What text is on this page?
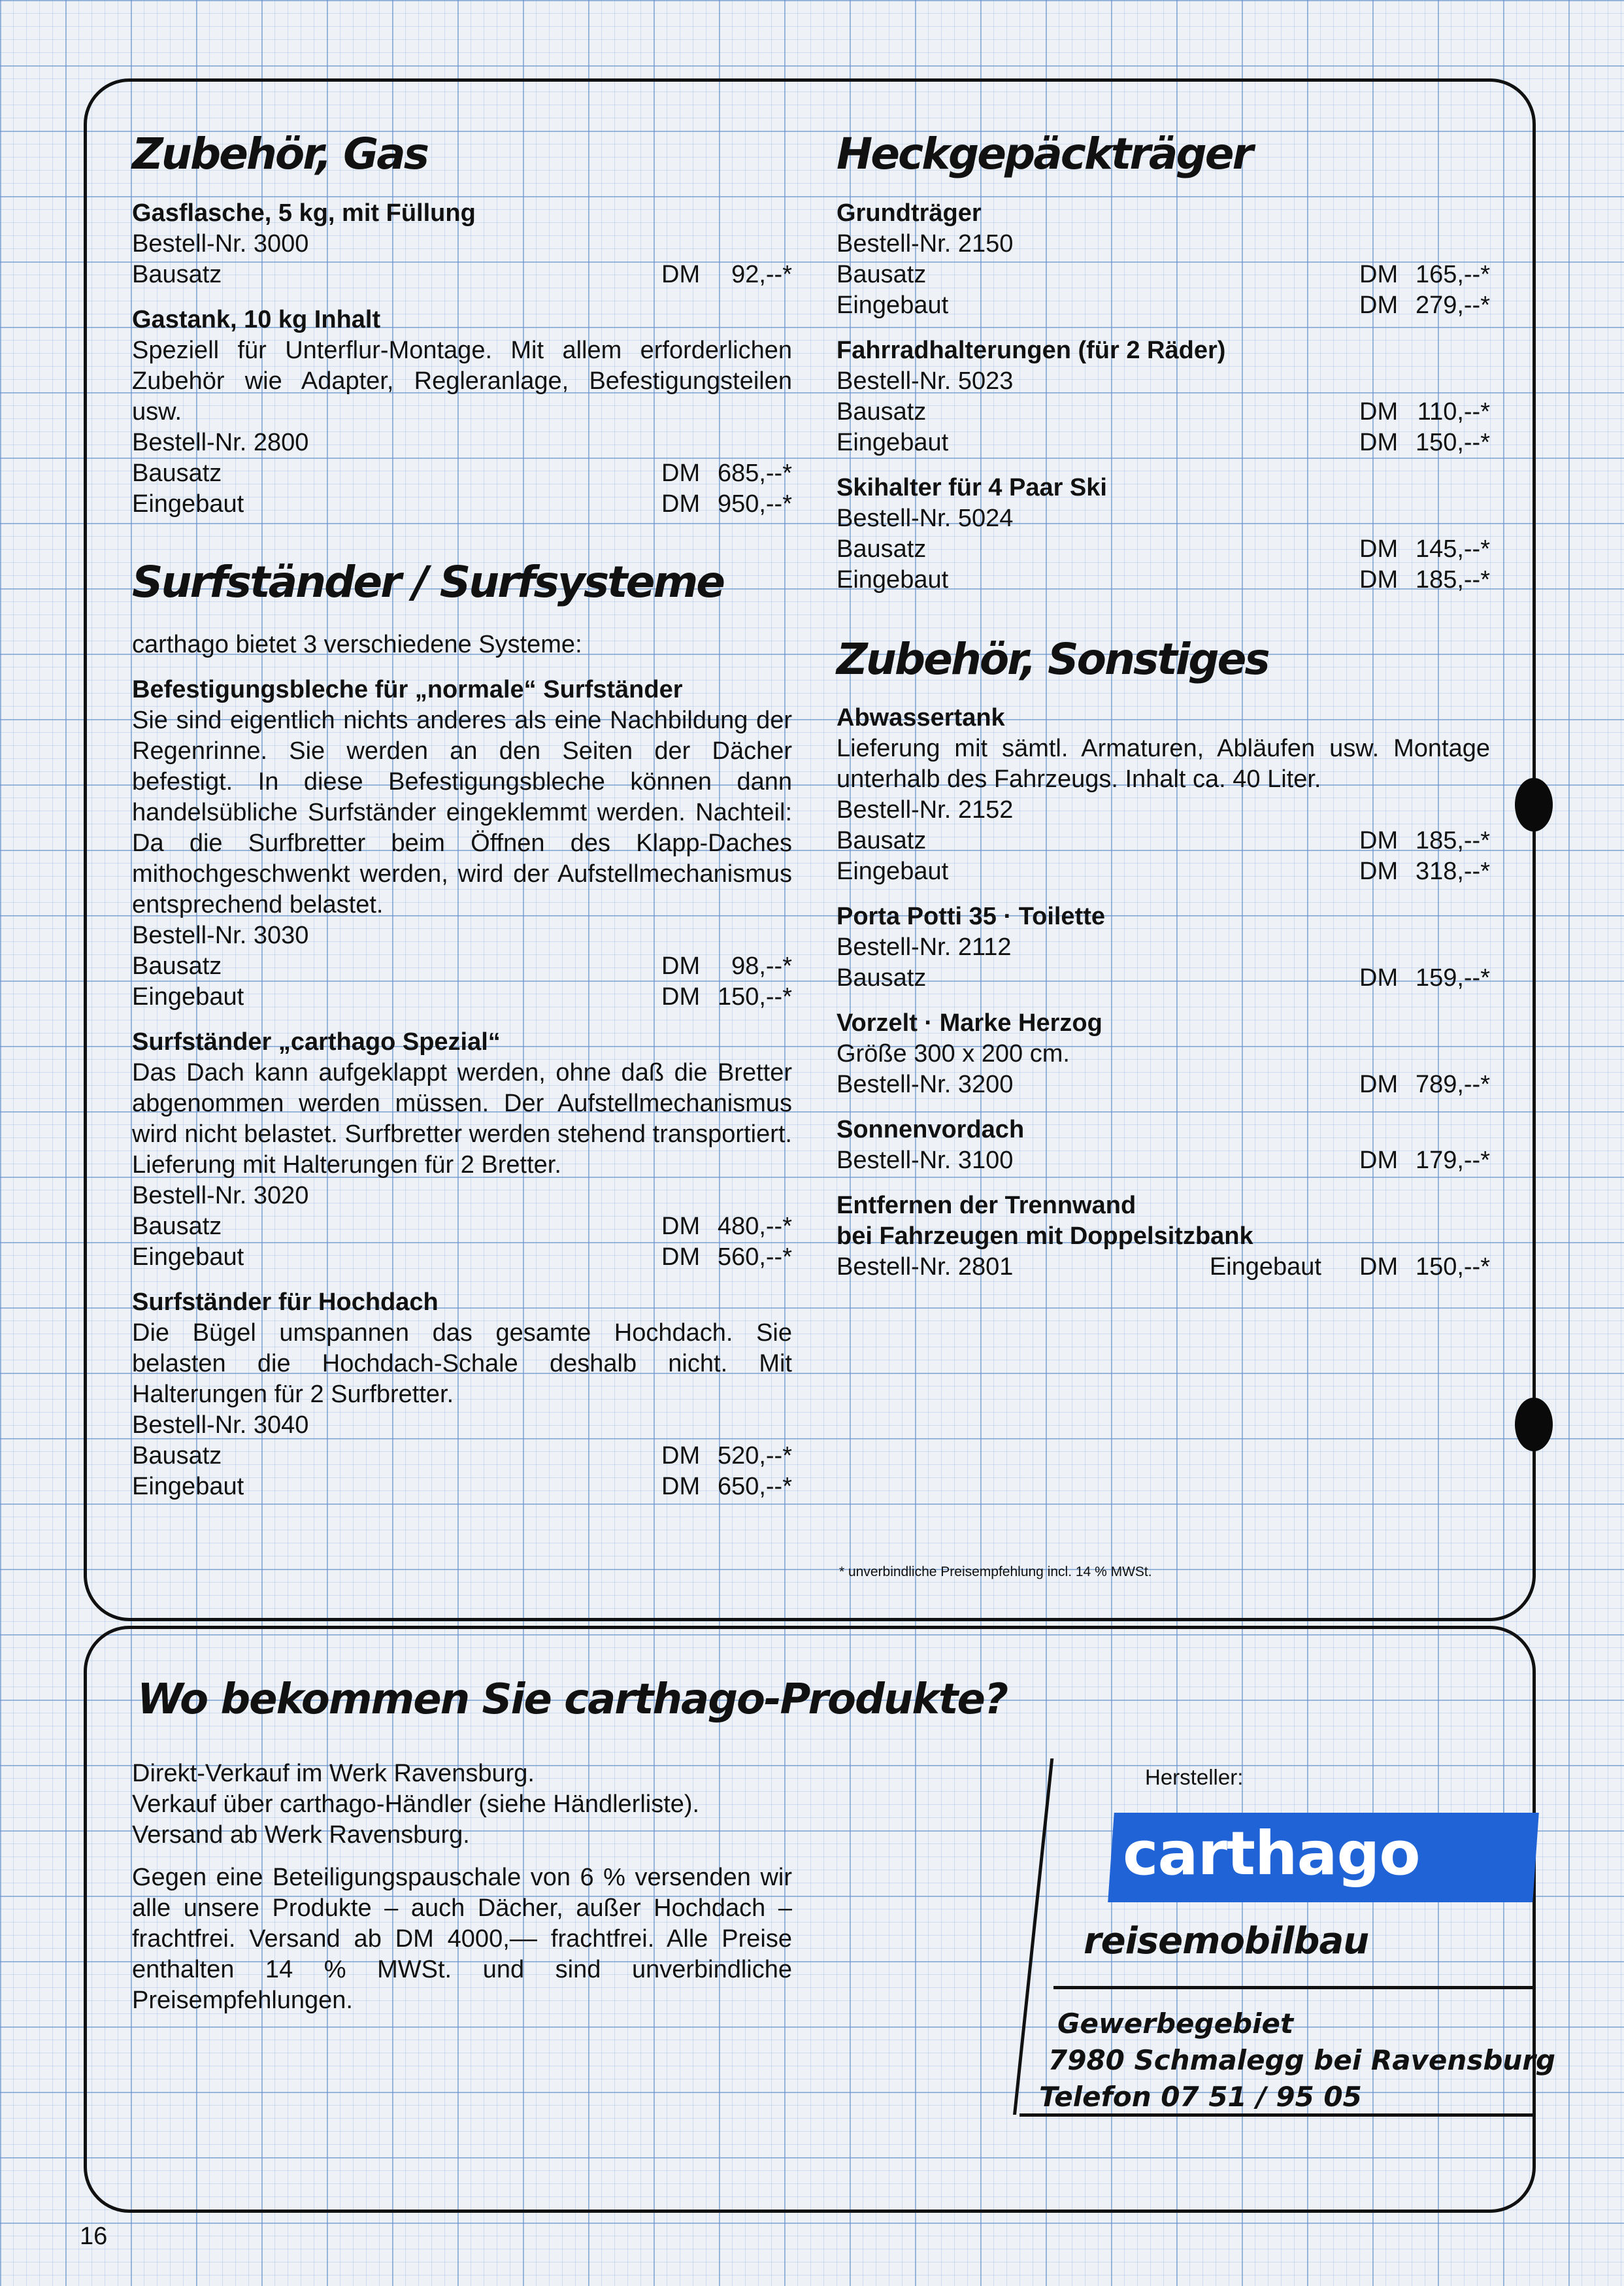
Zubehör, Gas
Gasflasche, 5 kg, mit Füllung
Bestell-Nr. 3000
Bausatz	DM	92,--*
Gastank, 10 kg Inhalt
Speziell für Unterflur-Montage. Mit allem erforderlichen Zubehör wie Adapter, Regleranlage, Befestigungsteilen usw.
Bestell-Nr. 2800
Bausatz	DM 685,--*
Eingebaut	DM 950,--*
Surfständer / Surfsysteme
carthago bietet 3 verschiedene Systeme:
Befestigungsbleche für „normale“ Surfständer
Sie sind eigentlich nichts anderes als eine Nachbildung der Regenrinne. Sie werden an den Seiten der Dächer befestigt. In diese Befestigungsbleche können dann handelsübliche Surfständer eingeklemmt werden. Nachteil: Da die Surfbretter beim Öffnen des Klapp-Daches mithochgeschwenkt werden, wird der Aufstellmechanismus entsprechend belastet.
Bestell-Nr. 3030
Bausatz	DM	98,--*
Eingebaut	DM 150,--*
Surfständer „carthago Spezial“
Das Dach kann aufgeklappt werden, ohne daß die Bretter abgenommen werden müssen. Der Aufstellmechanismus wird nicht belastet. Surfbretter werden stehend transportiert. Lieferung mit Halterungen für 2 Bretter.
Bestell-Nr. 3020
Bausatz	DM 480,--*
Eingebaut	DM 560,--*
Surfständer für Hochdach
Die Bügel umspannen das gesamte Hochdach. Sie belasten die Hochdach-Schale deshalb nicht. Mit Halterungen für 2 Surfbretter.
Bestell-Nr. 3040
Bausatz	DM 520,--*
Eingebaut	DM 650,--*
Heckgepäckträger
Grundträger
Bestell-Nr. 2150
Bausatz	DM 165,--*
Eingebaut	DM 279,--*
Fahrradhalterungen (für 2 Räder)
Bestell-Nr. 5023
Bausatz	DM 110,--*
Eingebaut	DM 150,--*
Skihalter für 4 Paar Ski
Bestell-Nr. 5024
Bausatz	DM 145,--*
Eingebaut	DM 185,--*
Zubehör, Sonstiges
Abwassertank
Lieferung mit sämtl. Armaturen, Abläufen usw. Montage unterhalb des Fahrzeugs. Inhalt ca. 40 Liter.
Bestell-Nr. 2152
Bausatz	DM 185,--*
Eingebaut	DM 318,--*
Porta Potti 35 · Toilette
Bestell-Nr. 2112
Bausatz	DM 159,--*
Vorzelt · Marke Herzog
Größe 300 x 200 cm.
Bestell-Nr. 3200	DM 789,--*
Sonnenvordach
Bestell-Nr. 3100	DM 179,--*
Entfernen der Trennwand
bei Fahrzeugen mit Doppelsitzbank
Bestell-Nr. 2801	Eingebaut DM 150,--*
* unverbindliche Preisempfehlung incl. 14 % MWSt.
16
Wo bekommen Sie carthago-Produkte?

Direkt-Verkauf im Werk Ravensburg.
Verkauf über carthago-Händler (siehe Händlerliste).
Versand ab Werk Ravensburg.

Gegen eine Beteiligungspauschale von 6 % versenden wir alle unsere Produkte – auch Dächer, außer Hochdach – frachtfrei. Versand ab DM 4000,–– frachtfrei. Alle Preise enthalten 14 % MWSt. und sind unverbindliche Preisempfehlungen.

Hersteller:
carthago
reisemobilbau
Gewerbegebiet
7980 Schmalegg bei Ravensburg
Telefon 07 51 / 95 05
